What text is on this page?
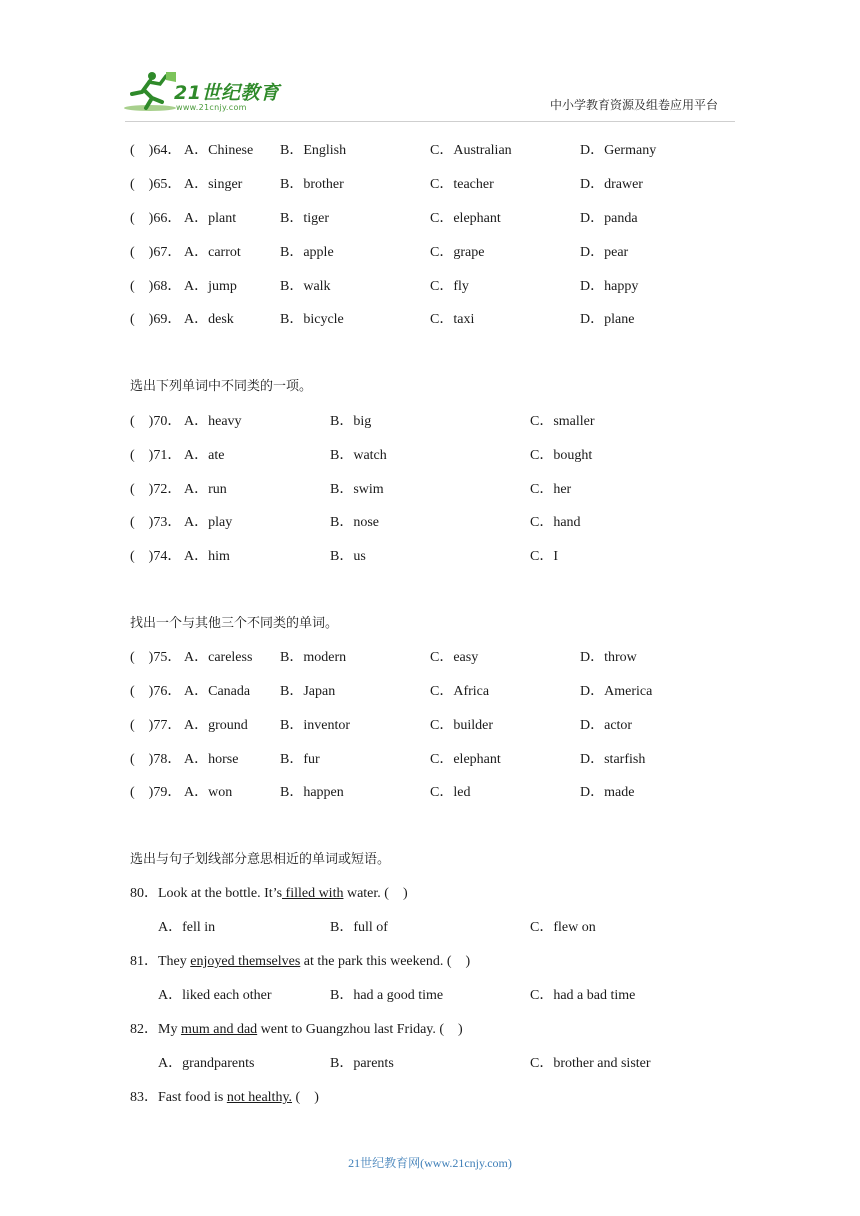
21世纪教育
www.21cnjy.com	中小学教育资源及组卷应用平台
(　)64． A．Chinese B．English	C．Australian	D．Germany
(　)65． A．singer	B．brother	C．teacher	D．drawer
(　)66． A．plant	B．tiger	C．elephant	D．panda
(　)67． A．carrot	B．apple	C．grape	D．pear
(　)68． A．jump	B．walk	C．fly	D．happy
(　)69． A．desk	B．bicycle	C．taxi	D．plane
选出下列单词中不同类的一项。
(　)70． A．heavy	B．big	C．smaller
(　)71． A．ate	B．watch	C．bought
(　)72． A．run	B．swim	C．her
(　)73． A．play	B．nose	C．hand
(　)74． A．him	B．us	C．I
找出一个与其他三个不同类的单词。
(　)75． A．careless B．modern	C．easy	D．throw
(　)76． A．Canada B．Japan	C．Africa	D．America
(　)77． A．ground B．inventor	C．builder	D．actor
(　)78． A．horse	B．fur	C．elephant	D．starfish
(　)79． A．won	B．happen	C．led	D．made
选出与句子划线部分意思相近的单词或短语。
80．Look at the bottle. It’s filled with water. (　)
A．fell in	B．full of	C．flew on
81．They enjoyed themselves at the park this weekend. (　)
A．liked each other	B．had a good time	C．had a bad time
82．My mum and dad went to Guangzhou last Friday. (　)
A．grandparents	B．parents	C．brother and sister
83．Fast food is not healthy. (　)
21世纪教育网(www.21cnjy.com)
